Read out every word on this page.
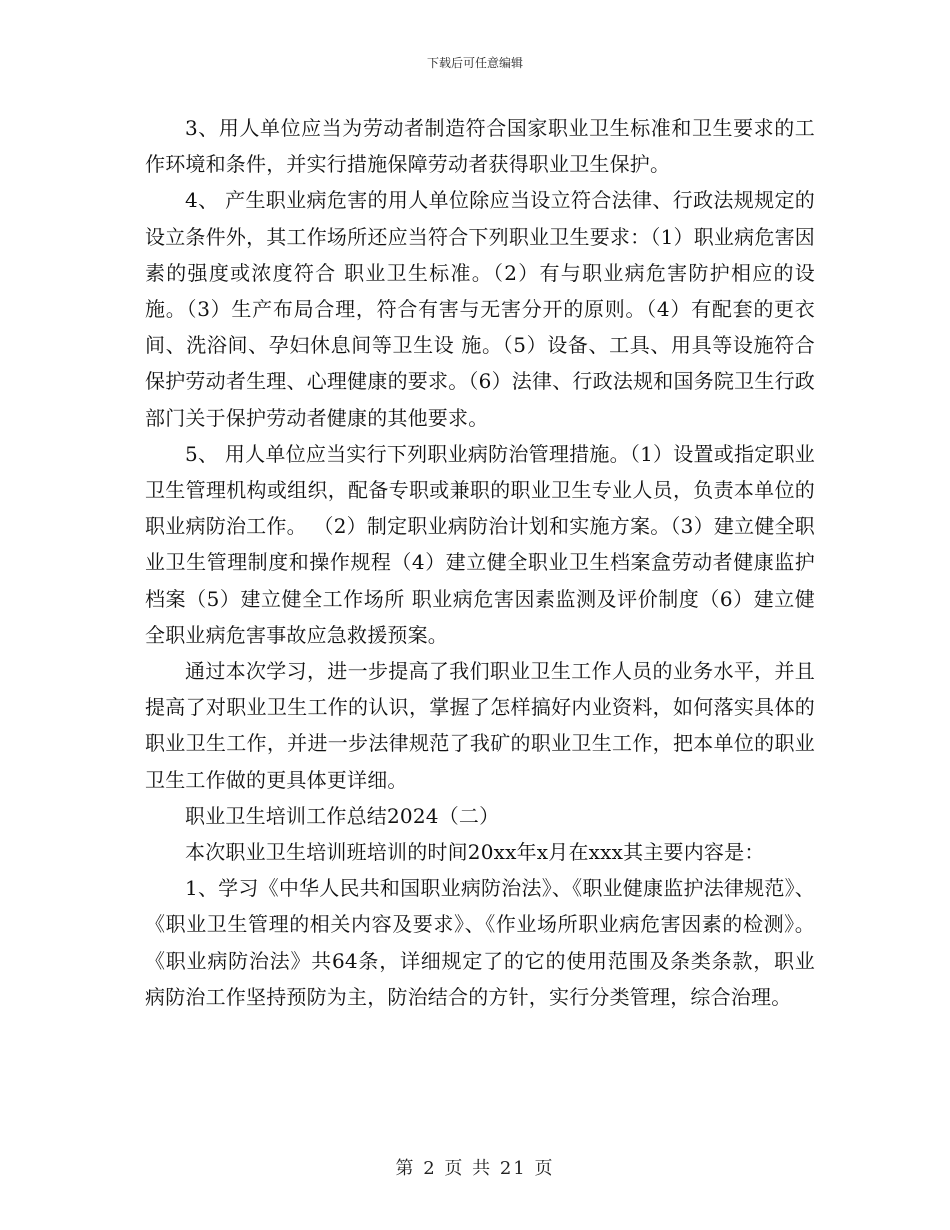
下载后可任意编辑

3、用人单位应当为劳动者制造符合国家职业卫生标准和卫生要求的工作环境和条件，并实行措施保障劳动者获得职业卫生保护。

4、 产生职业病危害的用人单位除应当设立符合法律、行政法规规定的设立条件外，其工作场所还应当符合下列职业卫生要求：（1）职业病危害因素的强度或浓度符合 职业卫生标准。（2）有与职业病危害防护相应的设施。（3）生产布局合理，符合有害与无害分开的原则。（4）有配套的更衣间、洗浴间、孕妇休息间等卫生设 施。（5）设备、工具、用具等设施符合保护劳动者生理、心理健康的要求。（6）法律、行政法规和国务院卫生行政部门关于保护劳动者健康的其他要求。

5、 用人单位应当实行下列职业病防治管理措施。（1）设置或指定职业卫生管理机构或组织，配备专职或兼职的职业卫生专业人员，负责本单位的职业病防治工作。 （2）制定职业病防治计划和实施方案。（3）建立健全职业卫生管理制度和操作规程（4）建立健全职业卫生档案盒劳动者健康监护档案（5）建立健全工作场所 职业病危害因素监测及评价制度（6）建立健全职业病危害事故应急救援预案。

通过本次学习，进一步提高了我们职业卫生工作人员的业务水平，并且提高了对职业卫生工作的认识，掌握了怎样搞好内业资料，如何落实具体的职业卫生工作，并进一步法律规范了我矿的职业卫生工作，把本单位的职业卫生工作做的更具体更详细。

职业卫生培训工作总结2024（二）

本次职业卫生培训班培训的时间20xx年x月在xxx其主要内容是：

1、学习《中华人民共和国职业病防治法》、《职业健康监护法律规范》、《职业卫生管理的相关内容及要求》、《作业场所职业病危害因素的检测》。《职业病防治法》共64条，详细规定了的它的使用范围及条类条款，职业病防治工作坚持预防为主，防治结合的方针，实行分类管理，综合治理。

第 2 页 共 21 页
